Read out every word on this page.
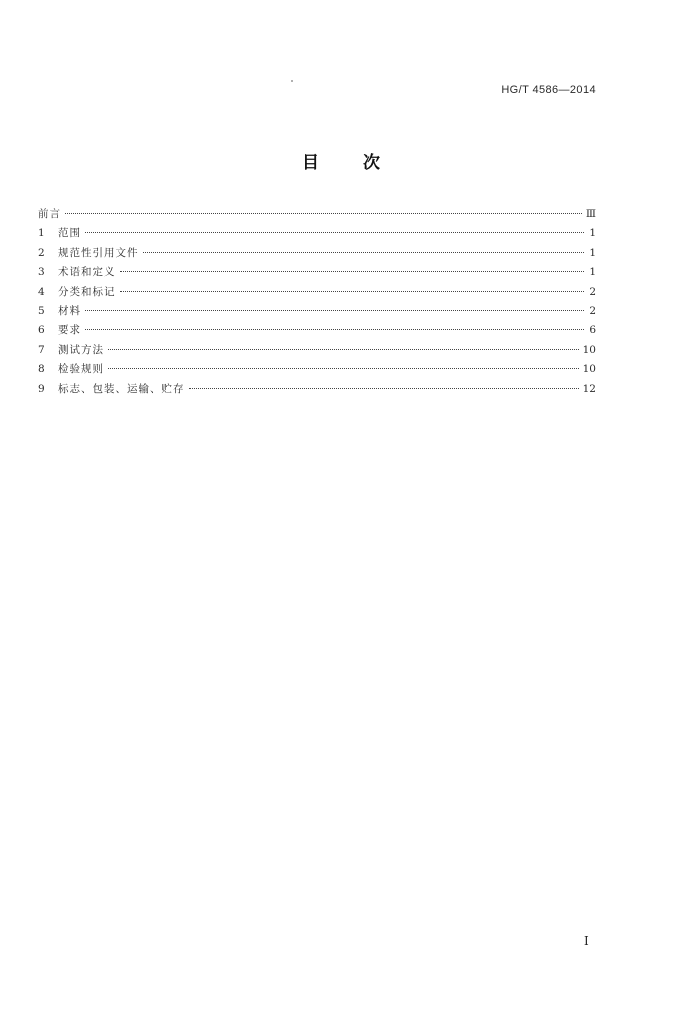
HG/T 4586—2014
目	次
前言	Ⅲ
1	范围	1
2	规范性引用文件	1
3	术语和定义	1
4	分类和标记	2
5	材料	2
6	要求	6
7	测试方法	10
8	检验规则	10
9	标志、包装、运输、贮存	12
I
